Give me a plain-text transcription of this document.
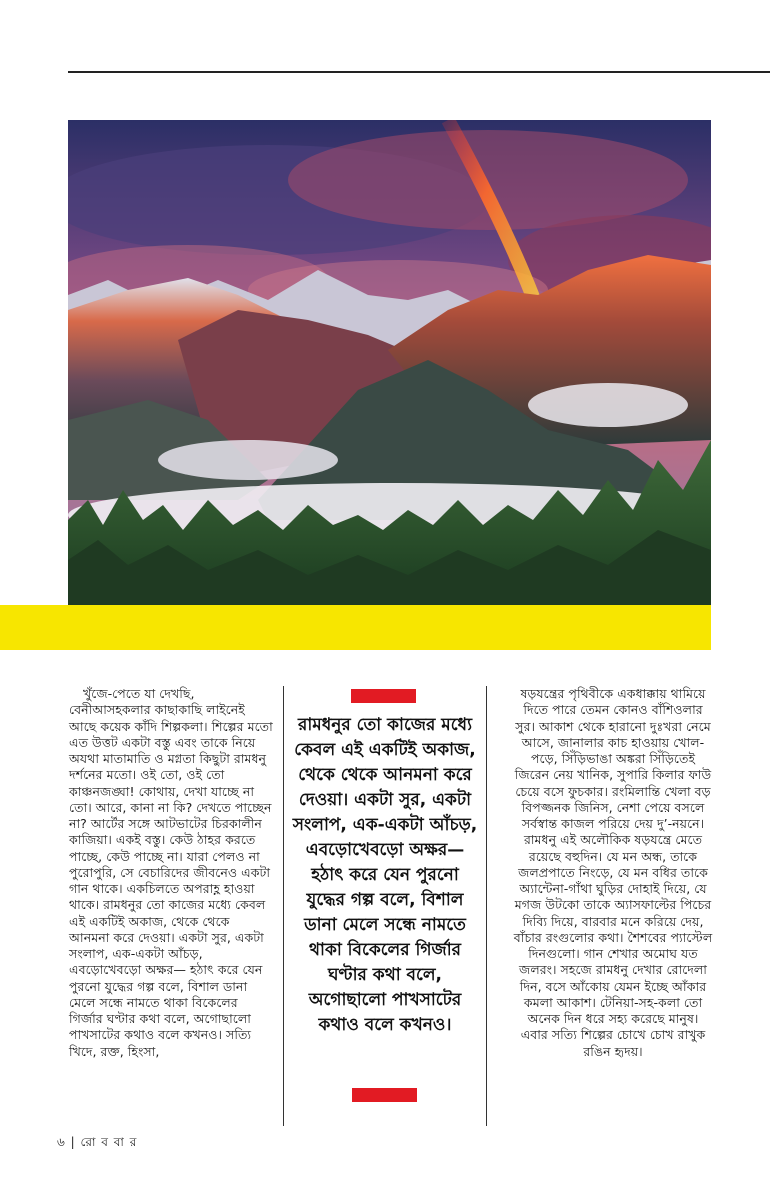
খুঁজে-পেতে যা দেখছি, বেনীআসহকলার কাছাকাছি লাইনেই আছে কয়েক কাঁদি শিল্পকলা। শিল্পের মতো এত উত্তট একটা বস্তু এবং তাকে নিয়ে অযথা মাতামাতি ও মগ্নতা কিছুটা রামধনু দর্শনের মতো। ওই তো, ওই তো কাঞ্চনজঙ্ঘা! কোথায়, দেখা যাচ্ছে না তো। আরে, কানা না কি? দেখতে পাচ্ছেন না? আর্টের সঙ্গে আটভাটের চিরকালীন কাজিয়া। একই বস্তু। কেউ ঠাহর করতে পাচ্ছে, কেউ পাচ্ছে না। যারা পেলও না পুরোপুরি, সে বেচারিদের জীবনেও একটা গান থাকে। একচিলতে অপরাহ্ণ হাওয়া থাকে। রামধনুর তো কাজের মধ্যে কেবল এই একটিই অকাজ, থেকে থেকে আনমনা করে দেওয়া। একটা সুর, একটা সংলাপ, এক-একটা আঁচড়, এবড়োখেবড়ো অক্ষর— হঠাৎ করে যেন পুরনো যুদ্ধের গল্প বলে, বিশাল ডানা মেলে সন্ধে নামতে থাকা বিকেলের গির্জার ঘণ্টার কথা বলে, অগোছালো পাখসাটের কথাও বলে কখনও। সত্যি খিদে, রক্ত, হিংসা,

রামধনুর তো কাজের মধ্যে কেবল এই একটিই অকাজ, থেকে থেকে আনমনা করে দেওয়া। একটা সুর, একটা সংলাপ, এক-একটা আঁচড়, এবড়োখেবড়ো অক্ষর— হঠাৎ করে যেন পুরনো যুদ্ধের গল্প বলে, বিশাল ডানা মেলে সন্ধে নামতে থাকা বিকেলের গির্জার ঘণ্টার কথা বলে, অগোছালো পাখসাটের কথাও বলে কখনও।

ষড়যন্ত্রের পৃথিবীকে একধাক্কায় থামিয়ে দিতে পারে তেমন কোনও বাঁশিওলার সুর। আকাশ থেকে হারানো দুঃখরা নেমে আসে, জানালার কাচ হাওয়ায় খোল-পড়ে, সিঁড়িভাঙা অঙ্করা সিঁড়িতেই জিরেন নেয় খানিক, সুপারি কিলার ফাউ চেয়ে বসে ফুচকার। রংমিলান্তি খেলা বড় বিপজ্জনক জিনিস, নেশা পেয়ে বসলে সর্বস্বান্ত কাজল পরিয়ে দেয় দু’-নয়নে। রামধনু এই অলৌকিক ষড়যন্ত্রে মেতে রয়েছে বহুদিন। যে মন অন্ধ, তাকে জলপ্রপাতে নিংড়ে, যে মন বধির তাকে অ্যান্টেনা-গাঁথা ঘুড়ির দোহাই দিয়ে, যে মগজ উটকো তাকে অ্যাসফাল্টের পিচের দিব্যি দিয়ে, বারবার মনে করিয়ে দেয়, বাঁচার রংগুলোর কথা। শৈশবের প্যাস্টেল দিনগুলো। গান শেখার অমোঘ যত জলরং। সহজে রামধনু দেখার রোদেলা দিন, বসে আঁকোয় যেমন ইচ্ছে আঁকার কমলা আকাশ। টেনিয়া-সহ-কলা তো অনেক দিন ধরে সহ্য করেছে মানুষ। এবার সত্যি শিল্পের চোখে চোখ রাখুক রঙিন হৃদয়।

৬ | রো ব বা র
